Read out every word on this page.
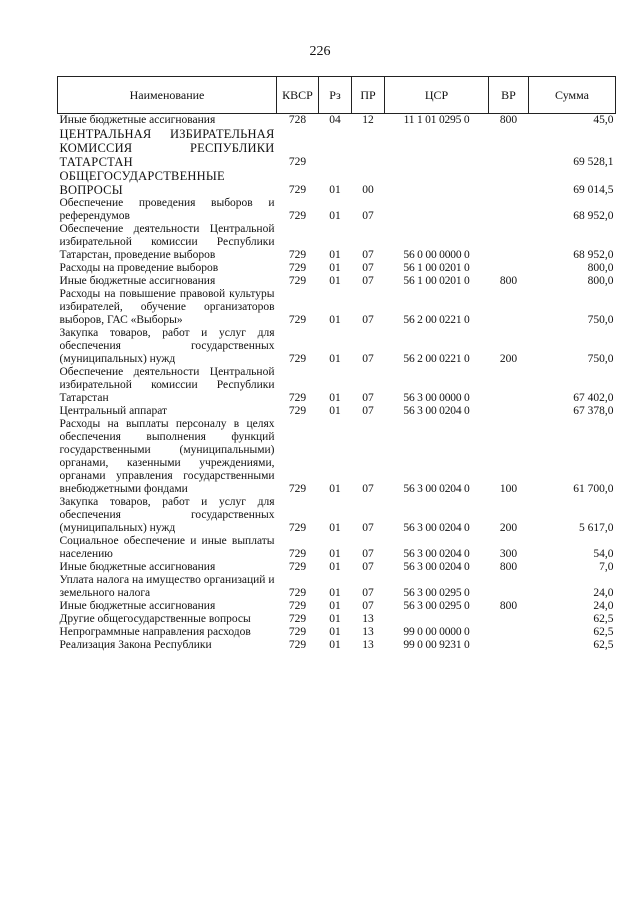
226
Наименование	КВСР	Рз	ПР	ЦСР	ВР	Сумма
Иные бюджетные ассигнования	728	04	12	11 1 01 0295 0	800	45,0
ЦЕНТРАЛЬНАЯ ИЗБИРАТЕЛЬНАЯ КОМИССИЯ РЕСПУБЛИКИ ТАТАРСТАН	729					69 528,1
ОБЩЕГОСУДАРСТВЕННЫЕ ВОПРОСЫ	729	01	00			69 014,5
Обеспечение проведения выборов и референдумов	729	01	07			68 952,0
Обеспечение деятельности Центральной избирательной комиссии Республики Татарстан, проведение выборов	729	01	07	56 0 00 0000 0		68 952,0
Расходы на проведение выборов	729	01	07	56 1 00 0201 0		800,0
Иные бюджетные ассигнования	729	01	07	56 1 00 0201 0	800	800,0
Расходы на повышение правовой культуры избирателей, обучение организаторов выборов, ГАС «Выборы»	729	01	07	56 2 00 0221 0		750,0
Закупка товаров, работ и услуг для обеспечения государственных (муниципальных) нужд	729	01	07	56 2 00 0221 0	200	750,0
Обеспечение деятельности Центральной избирательной комиссии Республики Татарстан	729	01	07	56 3 00 0000 0		67 402,0
Центральный аппарат	729	01	07	56 3 00 0204 0		67 378,0
Расходы на выплаты персоналу в целях обеспечения выполнения функций государственными (муниципальными) органами, казенными учреждениями, органами управления государственными внебюджетными фондами	729	01	07	56 3 00 0204 0	100	61 700,0
Закупка товаров, работ и услуг для обеспечения государственных (муниципальных) нужд	729	01	07	56 3 00 0204 0	200	5 617,0
Социальное обеспечение и иные выплаты населению	729	01	07	56 3 00 0204 0	300	54,0
Иные бюджетные ассигнования	729	01	07	56 3 00 0204 0	800	7,0
Уплата налога на имущество организаций и земельного налога	729	01	07	56 3 00 0295 0		24,0
Иные бюджетные ассигнования	729	01	07	56 3 00 0295 0	800	24,0
Другие общегосударственные вопросы	729	01	13			62,5
Непрограммные направления расходов	729	01	13	99 0 00 0000 0		62,5
Реализация Закона Республики	729	01	13	99 0 00 9231 0		62,5
